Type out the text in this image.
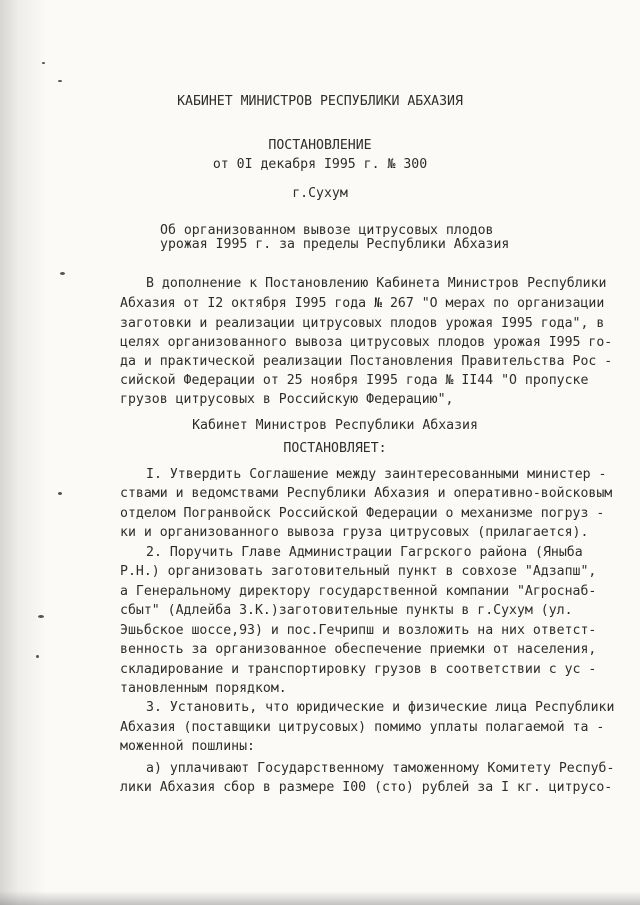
КАБИНЕТ МИНИСТРОВ РЕСПУБЛИКИ АБХАЗИЯ
ПОСТАНОВЛЕНИЕ
от 0I декабря I995 г. № 300
г.Сухум
Об организованном вывозе цитрусовых плодов
урожая I995 г. за пределы Республики Абхазия
В дополнение к Постановлению Кабинета Министров Республики
Абхазия от I2 октября I995 года № 267 "О мерах по организации
заготовки и реализации цитрусовых плодов урожая I995 года", в
целях организованного вывоза цитрусовых плодов урожая I995 го-
да и практической реализации Постановления Правительства Рос -
сийской Федерации от 25 ноября I995 года № II44 "О пропуске
грузов цитрусовых в Российскую Федерацию",
Кабинет Министров Республики Абхазия
ПОСТАНОВЛЯЕТ:
I. Утвердить Соглашение между заинтересованными министер -
ствами и ведомствами Республики Абхазия и оперативно-войсковым
отделом Погранвойск Российской Федерации о механизме погруз -
ки и организованного вывоза груза цитрусовых (прилагается).
2. Поручить Главе Администрации Гагрского района (Яныба
Р.Н.) организовать заготовительный пункт в совхозе "Адзапш",
а Генеральному директору государственной компании "Агроснаб-
сбыт" (Адлейба З.К.)заготовительные пункты в г.Сухум (ул.
Эшьбское шоссе,93) и пос.Гечрипш и возложить на них ответст-
венность за организованное обеспечение приемки от населения,
складирование и транспортировку грузов в соответствии с ус -
тановленным порядком.
3. Установить, что юридические и физические лица Республики
Абхазия (поставщики цитрусовых) помимо уплаты полагаемой та -
моженной пошлины:
а) уплачивают Государственному таможенному Комитету Респуб-
лики Абхазия сбор в размере I00 (сто) рублей за I кг. цитрусо-
